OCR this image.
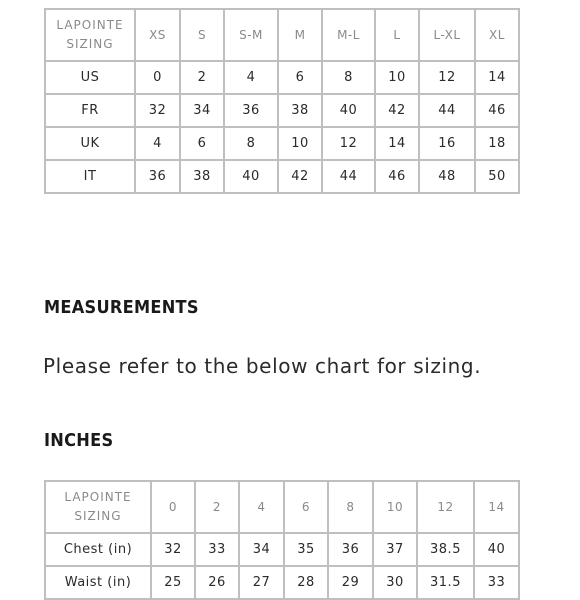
LAPOINTE SIZING	XS	S	S-M	M	M-L	L	L-XL	XL
US	0	2	4	6	8	10	12	14
FR	32	34	36	38	40	42	44	46
UK	4	6	8	10	12	14	16	18
IT	36	38	40	42	44	46	48	50
MEASUREMENTS

Please refer to the below chart for sizing.

INCHES
LAPOINTE SIZING	0	2	4	6	8	10	12	14
Chest (in)	32	33	34	35	36	37	38.5	40
Waist (in)	25	26	27	28	29	30	31.5	33
